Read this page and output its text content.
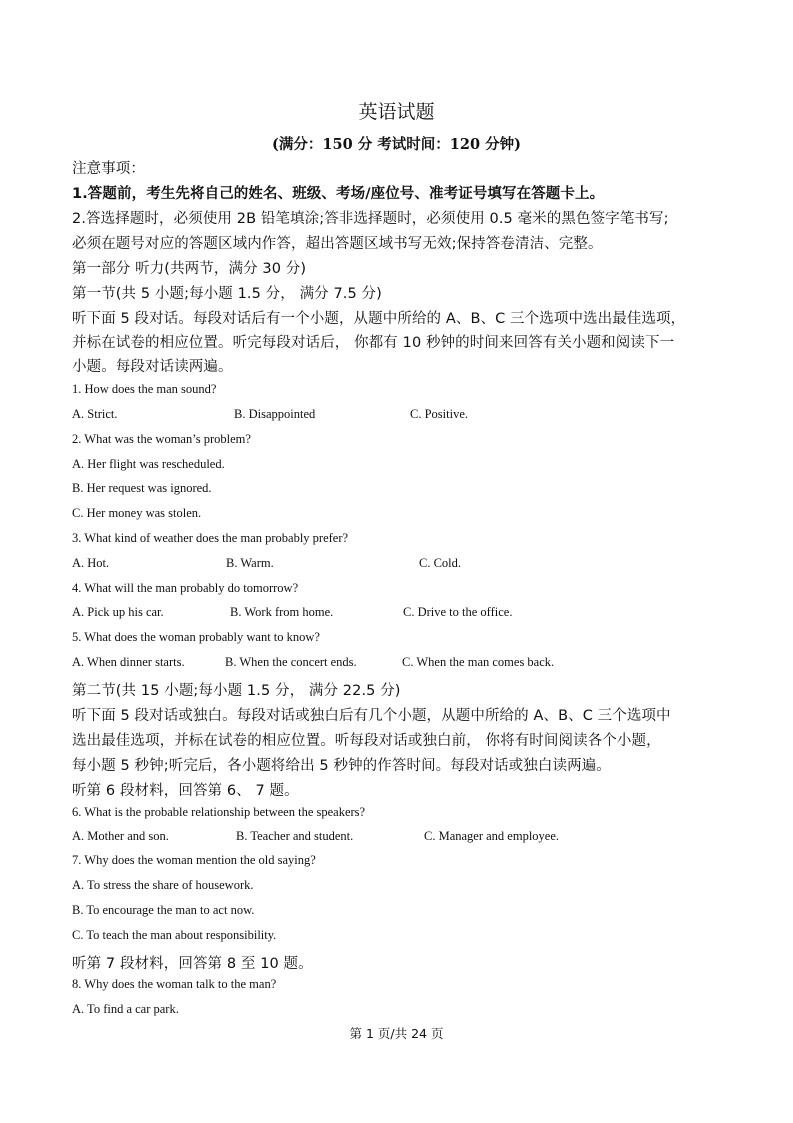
英语试题
(满分：150 分 考试时间：120 分钟)
注意事项：
1.答题前，考生先将自己的姓名、班级、考场/座位号、准考证号填写在答题卡上。
2.答选择题时，必须使用 2B 铅笔填涂;答非选择题时，必须使用 0.5 毫米的黑色签字笔书写;
必须在题号对应的答题区域内作答，超出答题区域书写无效;保持答卷清洁、完整。
第一部分 听力(共两节，满分 30 分)
第一节(共 5 小题;每小题 1.5 分， 满分 7.5 分)
听下面 5 段对话。每段对话后有一个小题，从题中所给的 A、B、C 三个选项中选出最佳选项，
并标在试卷的相应位置。听完每段对话后， 你都有 10 秒钟的时间来回答有关小题和阅读下一
小题。每段对话读两遍。
1. How does the man sound?
A. Strict.	B. Disappointed	C. Positive.
2. What was the woman’s problem?
A. Her flight was rescheduled.
B. Her request was ignored.
C. Her money was stolen.
3. What kind of weather does the man probably prefer?
A. Hot.	B. Warm.	C. Cold.
4. What will the man probably do tomorrow?
A. Pick up his car.	B. Work from home.	C. Drive to the office.
5. What does the woman probably want to know?
A. When dinner starts.	B. When the concert ends.	C. When the man comes back.
第二节(共 15 小题;每小题 1.5 分， 满分 22.5 分)
听下面 5 段对话或独白。每段对话或独白后有几个小题，从题中所给的 A、B、C 三个选项中
选出最佳选项，并标在试卷的相应位置。听每段对话或独白前， 你将有时间阅读各个小题，
每小题 5 秒钟;听完后，各小题将给出 5 秒钟的作答时间。每段对话或独白读两遍。
听第 6 段材料，回答第 6、 7 题。
6. What is the probable relationship between the speakers?
A. Mother and son.	B. Teacher and student.	C. Manager and employee.
7. Why does the woman mention the old saying?
A. To stress the share of housework.
B. To encourage the man to act now.
C. To teach the man about responsibility.
听第 7 段材料，回答第 8 至 10 题。
8. Why does the woman talk to the man?
A. To find a car park.
第 1 页/共 24 页
